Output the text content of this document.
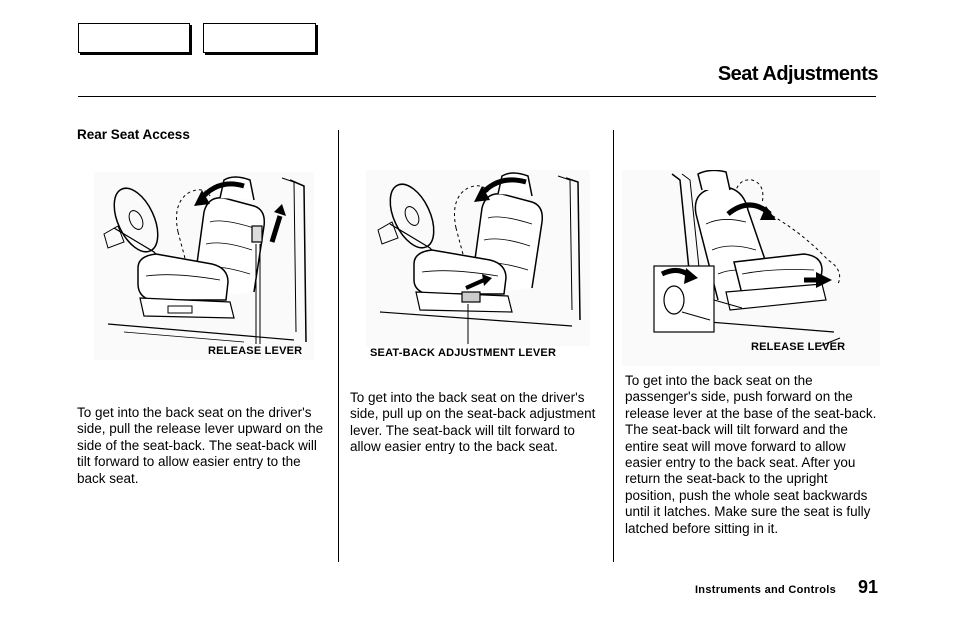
Seat Adjustments
Rear Seat Access
RELEASE LEVER	SEAT-BACK ADJUSTMENT LEVER	RELEASE LEVER
To get into the back seat on the driver's side, pull the release lever upward on the side of the seat-back. The seat-back will tilt forward to allow easier entry to the back seat.
To get into the back seat on the driver's side, pull up on the seat-back adjustment lever. The seat-back will tilt forward to allow easier entry to the back seat.
To get into the back seat on the passenger's side, push forward on the release lever at the base of the seat-back. The seat-back will tilt forward and the entire seat will move forward to allow easier entry to the back seat. After you return the seat-back to the upright position, push the whole seat backwards until it latches. Make sure the seat is fully latched before sitting in it.
Instruments and Controls 91
